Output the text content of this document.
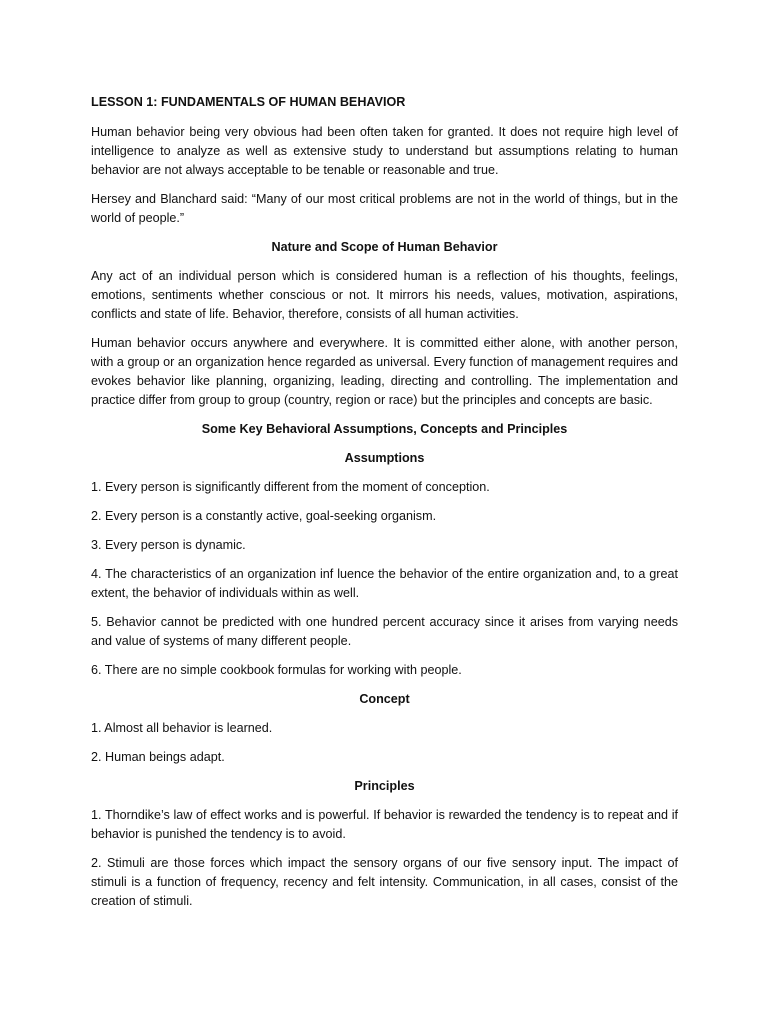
LESSON 1: FUNDAMENTALS OF HUMAN BEHAVIOR

Human behavior being very obvious had been often taken for granted. It does not require high level of intelligence to analyze as well as extensive study to understand but assumptions relating to human behavior are not always acceptable to be tenable or reasonable and true.

Hersey and Blanchard said: “Many of our most critical problems are not in the world of things, but in the world of people.”

Nature and Scope of Human Behavior

Any act of an individual person which is considered human is a reflection of his thoughts, feelings, emotions, sentiments whether conscious or not. It mirrors his needs, values, motivation, aspirations, conflicts and state of life. Behavior, therefore, consists of all human activities.

Human behavior occurs anywhere and everywhere. It is committed either alone, with another person, with a group or an organization hence regarded as universal. Every function of management requires and evokes behavior like planning, organizing, leading, directing and controlling. The implementation and practice differ from group to group (country, region or race) but the principles and concepts are basic.

Some Key Behavioral Assumptions, Concepts and Principles

Assumptions

1. Every person is significantly different from the moment of conception.

2. Every person is a constantly active, goal-seeking organism.

3. Every person is dynamic.

4. The characteristics of an organization inf luence the behavior of the entire organization and, to a great extent, the behavior of individuals within as well.

5. Behavior cannot be predicted with one hundred percent accuracy since it arises from varying needs and value of systems of many different people.

6. There are no simple cookbook formulas for working with people.

Concept

1. Almost all behavior is learned.

2. Human beings adapt.

Principles

1. Thorndike’s law of effect works and is powerful. If behavior is rewarded the tendency is to repeat and if behavior is punished the tendency is to avoid.

2. Stimuli are those forces which impact the sensory organs of our five sensory input. The impact of stimuli is a function of frequency, recency and felt intensity. Communication, in all cases, consist of the creation of stimuli.
